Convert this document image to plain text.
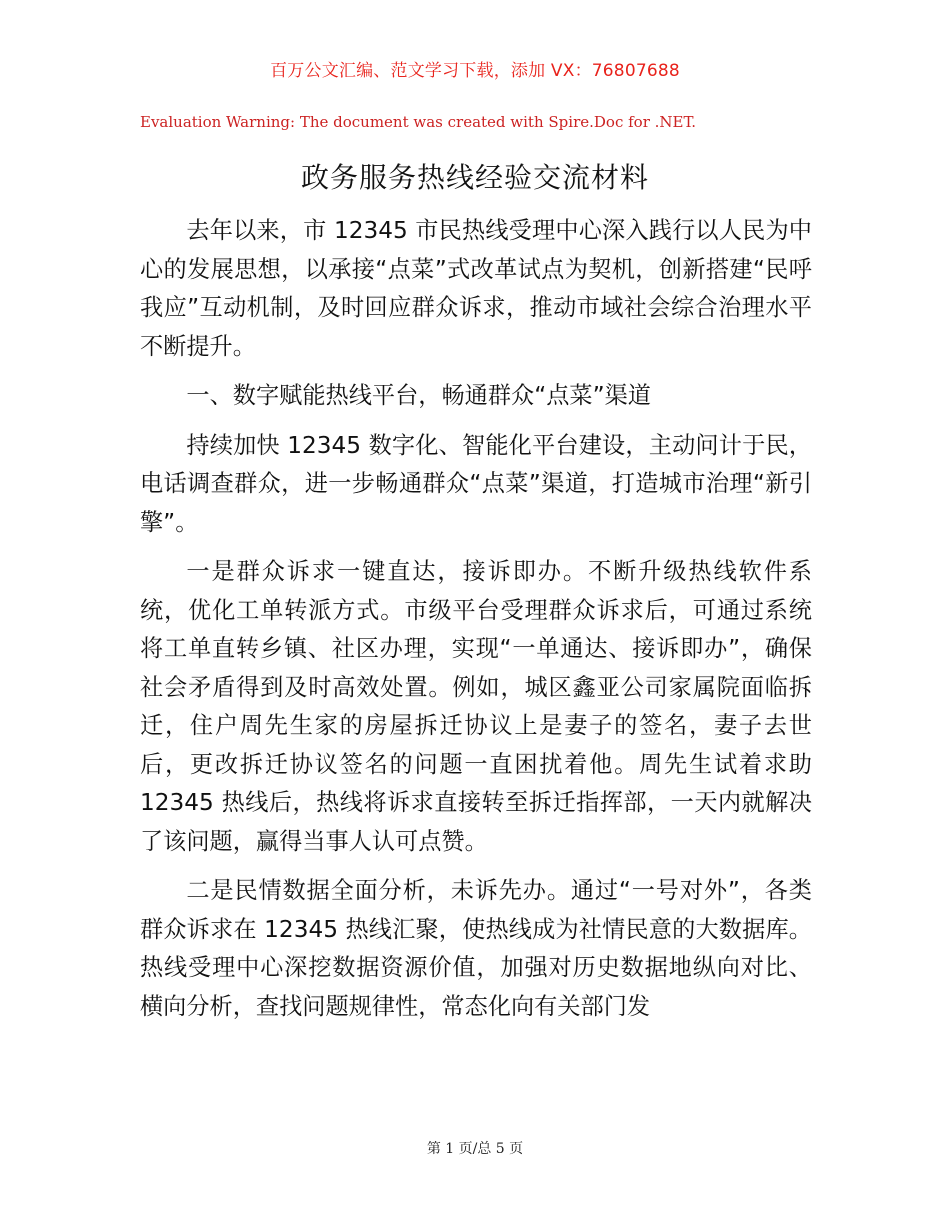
百万公文汇编、范文学习下载，添加 VX：76807688
Evaluation Warning: The document was created with Spire.Doc for .NET.
政务服务热线经验交流材料

去年以来，市 12345 市民热线受理中心深入践行以人民为中心的发展思想，以承接“点菜”式改革试点为契机，创新搭建“民呼我应”互动机制，及时回应群众诉求，推动市域社会综合治理水平不断提升。

一、数字赋能热线平台，畅通群众“点菜”渠道

持续加快 12345 数字化、智能化平台建设，主动问计于民，电话调查群众，进一步畅通群众“点菜”渠道，打造城市治理“新引擎”。

一是群众诉求一键直达，接诉即办。不断升级热线软件系统，优化工单转派方式。市级平台受理群众诉求后，可通过系统将工单直转乡镇、社区办理，实现“一单通达、接诉即办”，确保社会矛盾得到及时高效处置。例如，城区鑫亚公司家属院面临拆迁，住户周先生家的房屋拆迁协议上是妻子的签名，妻子去世后，更改拆迁协议签名的问题一直困扰着他。周先生试着求助 12345 热线后，热线将诉求直接转至拆迁指挥部，一天内就解决了该问题，赢得当事人认可点赞。

二是民情数据全面分析，未诉先办。通过“一号对外”，各类群众诉求在 12345 热线汇聚，使热线成为社情民意的大数据库。热线受理中心深挖数据资源价值，加强对历史数据地纵向对比、横向分析，查找问题规律性，常态化向有关部门发

第 1 页/总 5 页
